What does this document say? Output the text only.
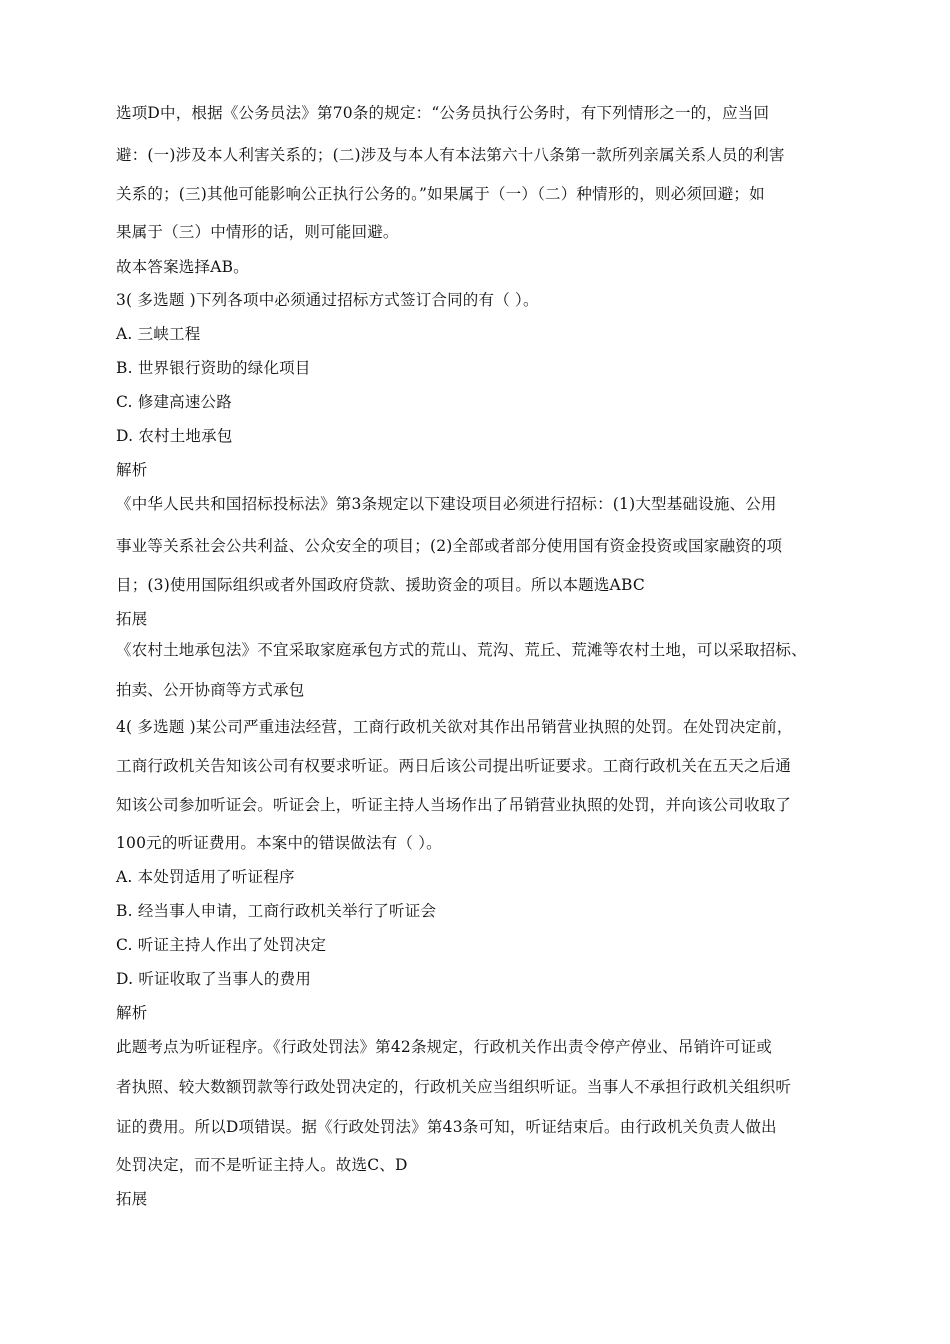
选项D中，根据《公务员法》第70条的规定：“公务员执行公务时，有下列情形之一的，应当回
避：(一)涉及本人利害关系的；(二)涉及与本人有本法第六十八条第一款所列亲属关系人员的利害
关系的；(三)其他可能影响公正执行公务的。”如果属于（一）（二）种情形的，则必须回避；如
果属于（三）中情形的话，则可能回避。
故本答案选择AB。
3( 多选题 )下列各项中必须通过招标方式签订合同的有（ ）。
A. 三峡工程
B. 世界银行资助的绿化项目
C. 修建高速公路
D. 农村土地承包
解析
《中华人民共和国招标投标法》第3条规定以下建设项目必须进行招标：(1)大型基础设施、公用
事业等关系社会公共利益、公众安全的项目；(2)全部或者部分使用国有资金投资或国家融资的项
目；(3)使用国际组织或者外国政府贷款、援助资金的项目。所以本题选ABC
拓展
《农村土地承包法》不宜采取家庭承包方式的荒山、荒沟、荒丘、荒滩等农村土地，可以采取招标、
拍卖、公开协商等方式承包
4( 多选题 )某公司严重违法经营，工商行政机关欲对其作出吊销营业执照的处罚。在处罚决定前，
工商行政机关告知该公司有权要求听证。两日后该公司提出听证要求。工商行政机关在五天之后通
知该公司参加听证会。听证会上，听证主持人当场作出了吊销营业执照的处罚，并向该公司收取了
100元的听证费用。本案中的错误做法有（ ）。
A. 本处罚适用了听证程序
B. 经当事人申请，工商行政机关举行了听证会
C. 听证主持人作出了处罚决定
D. 听证收取了当事人的费用
解析
此题考点为听证程序。《行政处罚法》第42条规定，行政机关作出责令停产停业、吊销许可证或
者执照、较大数额罚款等行政处罚决定的，行政机关应当组织听证。当事人不承担行政机关组织听
证的费用。所以D项错误。据《行政处罚法》第43条可知，听证结束后。由行政机关负责人做出
处罚决定，而不是听证主持人。故选C、D
拓展
